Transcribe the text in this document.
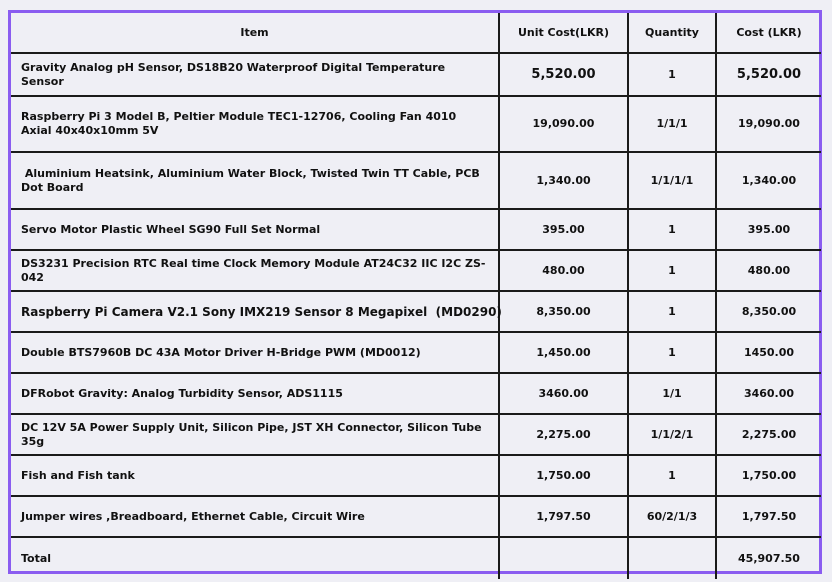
Item	Unit Cost(LKR)	Quantity	Cost (LKR)
Gravity Analog pH Sensor, DS18B20 Waterproof Digital Temperature Sensor	5,520.00	1	5,520.00
Raspberry Pi 3 Model B, Peltier Module TEC1-12706, Cooling Fan 4010 Axial 40x40x10mm 5V	19,090.00	1/1/1	19,090.00
Aluminium Heatsink, Aluminium Water Block, Twisted Twin TT Cable, PCB Dot Board	1,340.00	1/1/1/1	1,340.00
Servo Motor Plastic Wheel SG90 Full Set Normal	395.00	1	395.00
DS3231 Precision RTC Real time Clock Memory Module AT24C32 IIC I2C ZS-042	480.00	1	480.00
Raspberry Pi Camera V2.1 Sony IMX219 Sensor 8 Megapixel  (MD0290)	8,350.00	1	8,350.00
Double BTS7960B DC 43A Motor Driver H-Bridge PWM (MD0012)	1,450.00	1	1450.00
DFRobot Gravity: Analog Turbidity Sensor, ADS1115	3460.00	1/1	3460.00
DC 12V 5A Power Supply Unit, Silicon Pipe, JST XH Connector, Silicon Tube 35g	2,275.00	1/1/2/1	2,275.00
Fish and Fish tank	1,750.00	1	1,750.00
Jumper wires ,Breadboard, Ethernet Cable, Circuit Wire	1,797.50	60/2/1/3	1,797.50
Total			45,907.50
